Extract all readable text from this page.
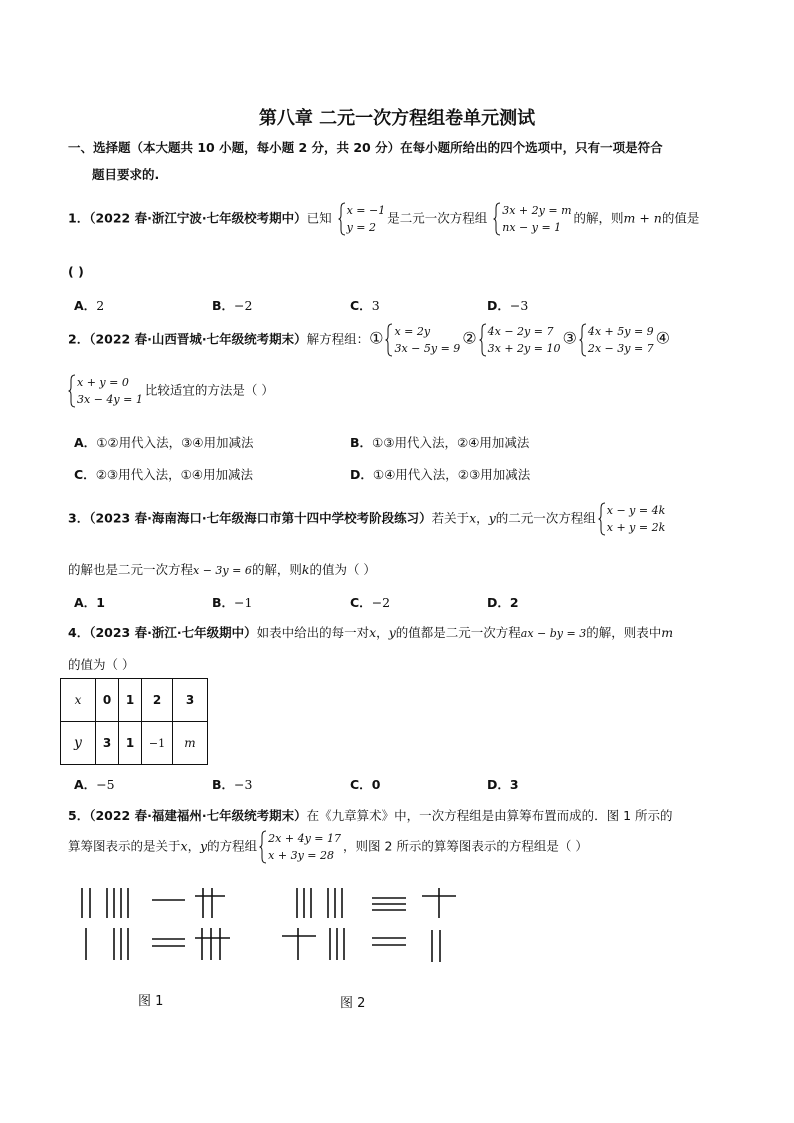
第八章 二元一次方程组卷单元测试
一、选择题（本大题共 10 小题，每小题 2 分，共 20 分）在每小题所给出的四个选项中，只有一项是符合
题目要求的.
1．（2022 春·浙江宁波·七年级校考期中）已知 x = −1
y = 2
是二元一次方程组 3x + 2y = m
nx − y = 1
的解，则m + n的值是
( )
A．2	B．−2	C．3	D．−3
2．（2022 春·山西晋城·七年级统考期末）解方程组：① x = 2y
3x − 5y = 9
② 4x − 2y = 7
3x + 2y = 10
③ 4x + 5y = 9
2x − 3y = 7
④
x + y = 0
3x − 4y = 1
比较适宜的方法是（ ）
A．①②用代入法，③④用加减法	B．①③用代入法，②④用加减法
C．②③用代入法，①④用加减法	D．①④用代入法，②③用加减法
3．（2023 春·海南海口·七年级海口市第十四中学校考阶段练习）若关于x，y的二元一次方程组 x − y = 4k
x + y = 2k
的解也是二元一次方程x − 3y = 6的解，则k的值为（ ）
A．1	B．−1	C．−2	D．2
4．（2023 春·浙江·七年级期中）如表中给出的每一对x，y的值都是二元一次方程ax − by = 3的解，则表中m
的值为（ ）
x	0	1	2	3
y	3	1	−1	m
A．−5	B．−3	C．0	D．3
5．（2022 春·福建福州·七年级统考期末）在《九章算术》中，一次方程组是由算筹布置而成的．图 1 所示的
算筹图表示的是关于x，y的方程组 2x + 4y = 17
x + 3y = 28
，则图 2 所示的算筹图表示的方程组是（ ）
图 1	图 2
